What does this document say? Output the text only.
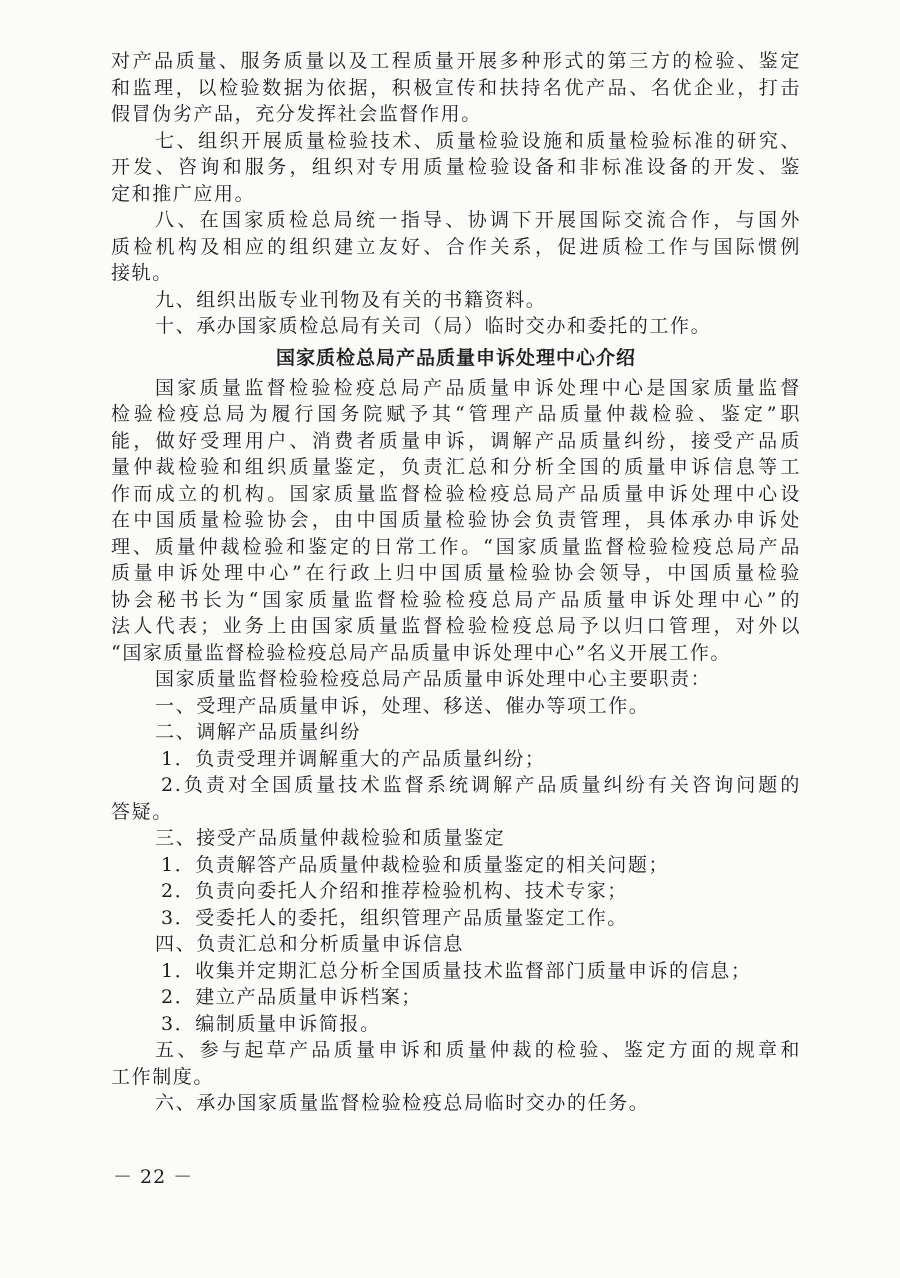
对产品质量、服务质量以及工程质量开展多种形式的第三方的检验、鉴定
和监理，以检验数据为依据，积极宣传和扶持名优产品、名优企业，打击
假冒伪劣产品，充分发挥社会监督作用。
七、组织开展质量检验技术、质量检验设施和质量检验标准的研究、
开发、咨询和服务，组织对专用质量检验设备和非标准设备的开发、鉴
定和推广应用。
八、在国家质检总局统一指导、协调下开展国际交流合作，与国外
质检机构及相应的组织建立友好、合作关系，促进质检工作与国际惯例
接轨。
九、组织出版专业刊物及有关的书籍资料。
十、承办国家质检总局有关司（局）临时交办和委托的工作。
国家质检总局产品质量申诉处理中心介绍
国家质量监督检验检疫总局产品质量申诉处理中心是国家质量监督
检验检疫总局为履行国务院赋予其“管理产品质量仲裁检验、鉴定”职
能，做好受理用户、消费者质量申诉，调解产品质量纠纷，接受产品质
量仲裁检验和组织质量鉴定，负责汇总和分析全国的质量申诉信息等工
作而成立的机构。国家质量监督检验检疫总局产品质量申诉处理中心设
在中国质量检验协会，由中国质量检验协会负责管理，具体承办申诉处
理、质量仲裁检验和鉴定的日常工作。“国家质量监督检验检疫总局产品
质量申诉处理中心”在行政上归中国质量检验协会领导，中国质量检验
协会秘书长为“国家质量监督检验检疫总局产品质量申诉处理中心”的
法人代表；业务上由国家质量监督检验检疫总局予以归口管理，对外以
“国家质量监督检验检疫总局产品质量申诉处理中心”名义开展工作。
国家质量监督检验检疫总局产品质量申诉处理中心主要职责：
一、受理产品质量申诉，处理、移送、催办等项工作。
二、调解产品质量纠纷
1．负责受理并调解重大的产品质量纠纷；
2.负责对全国质量技术监督系统调解产品质量纠纷有关咨询问题的
答疑。
三、接受产品质量仲裁检验和质量鉴定
1．负责解答产品质量仲裁检验和质量鉴定的相关问题；
2．负责向委托人介绍和推荐检验机构、技术专家；
3．受委托人的委托，组织管理产品质量鉴定工作。
四、负责汇总和分析质量申诉信息
1．收集并定期汇总分析全国质量技术监督部门质量申诉的信息；
2．建立产品质量申诉档案；
3．编制质量申诉简报。
五、参与起草产品质量申诉和质量仲裁的检验、鉴定方面的规章和
工作制度。
六、承办国家质量监督检验检疫总局临时交办的任务。
－ 22 －
